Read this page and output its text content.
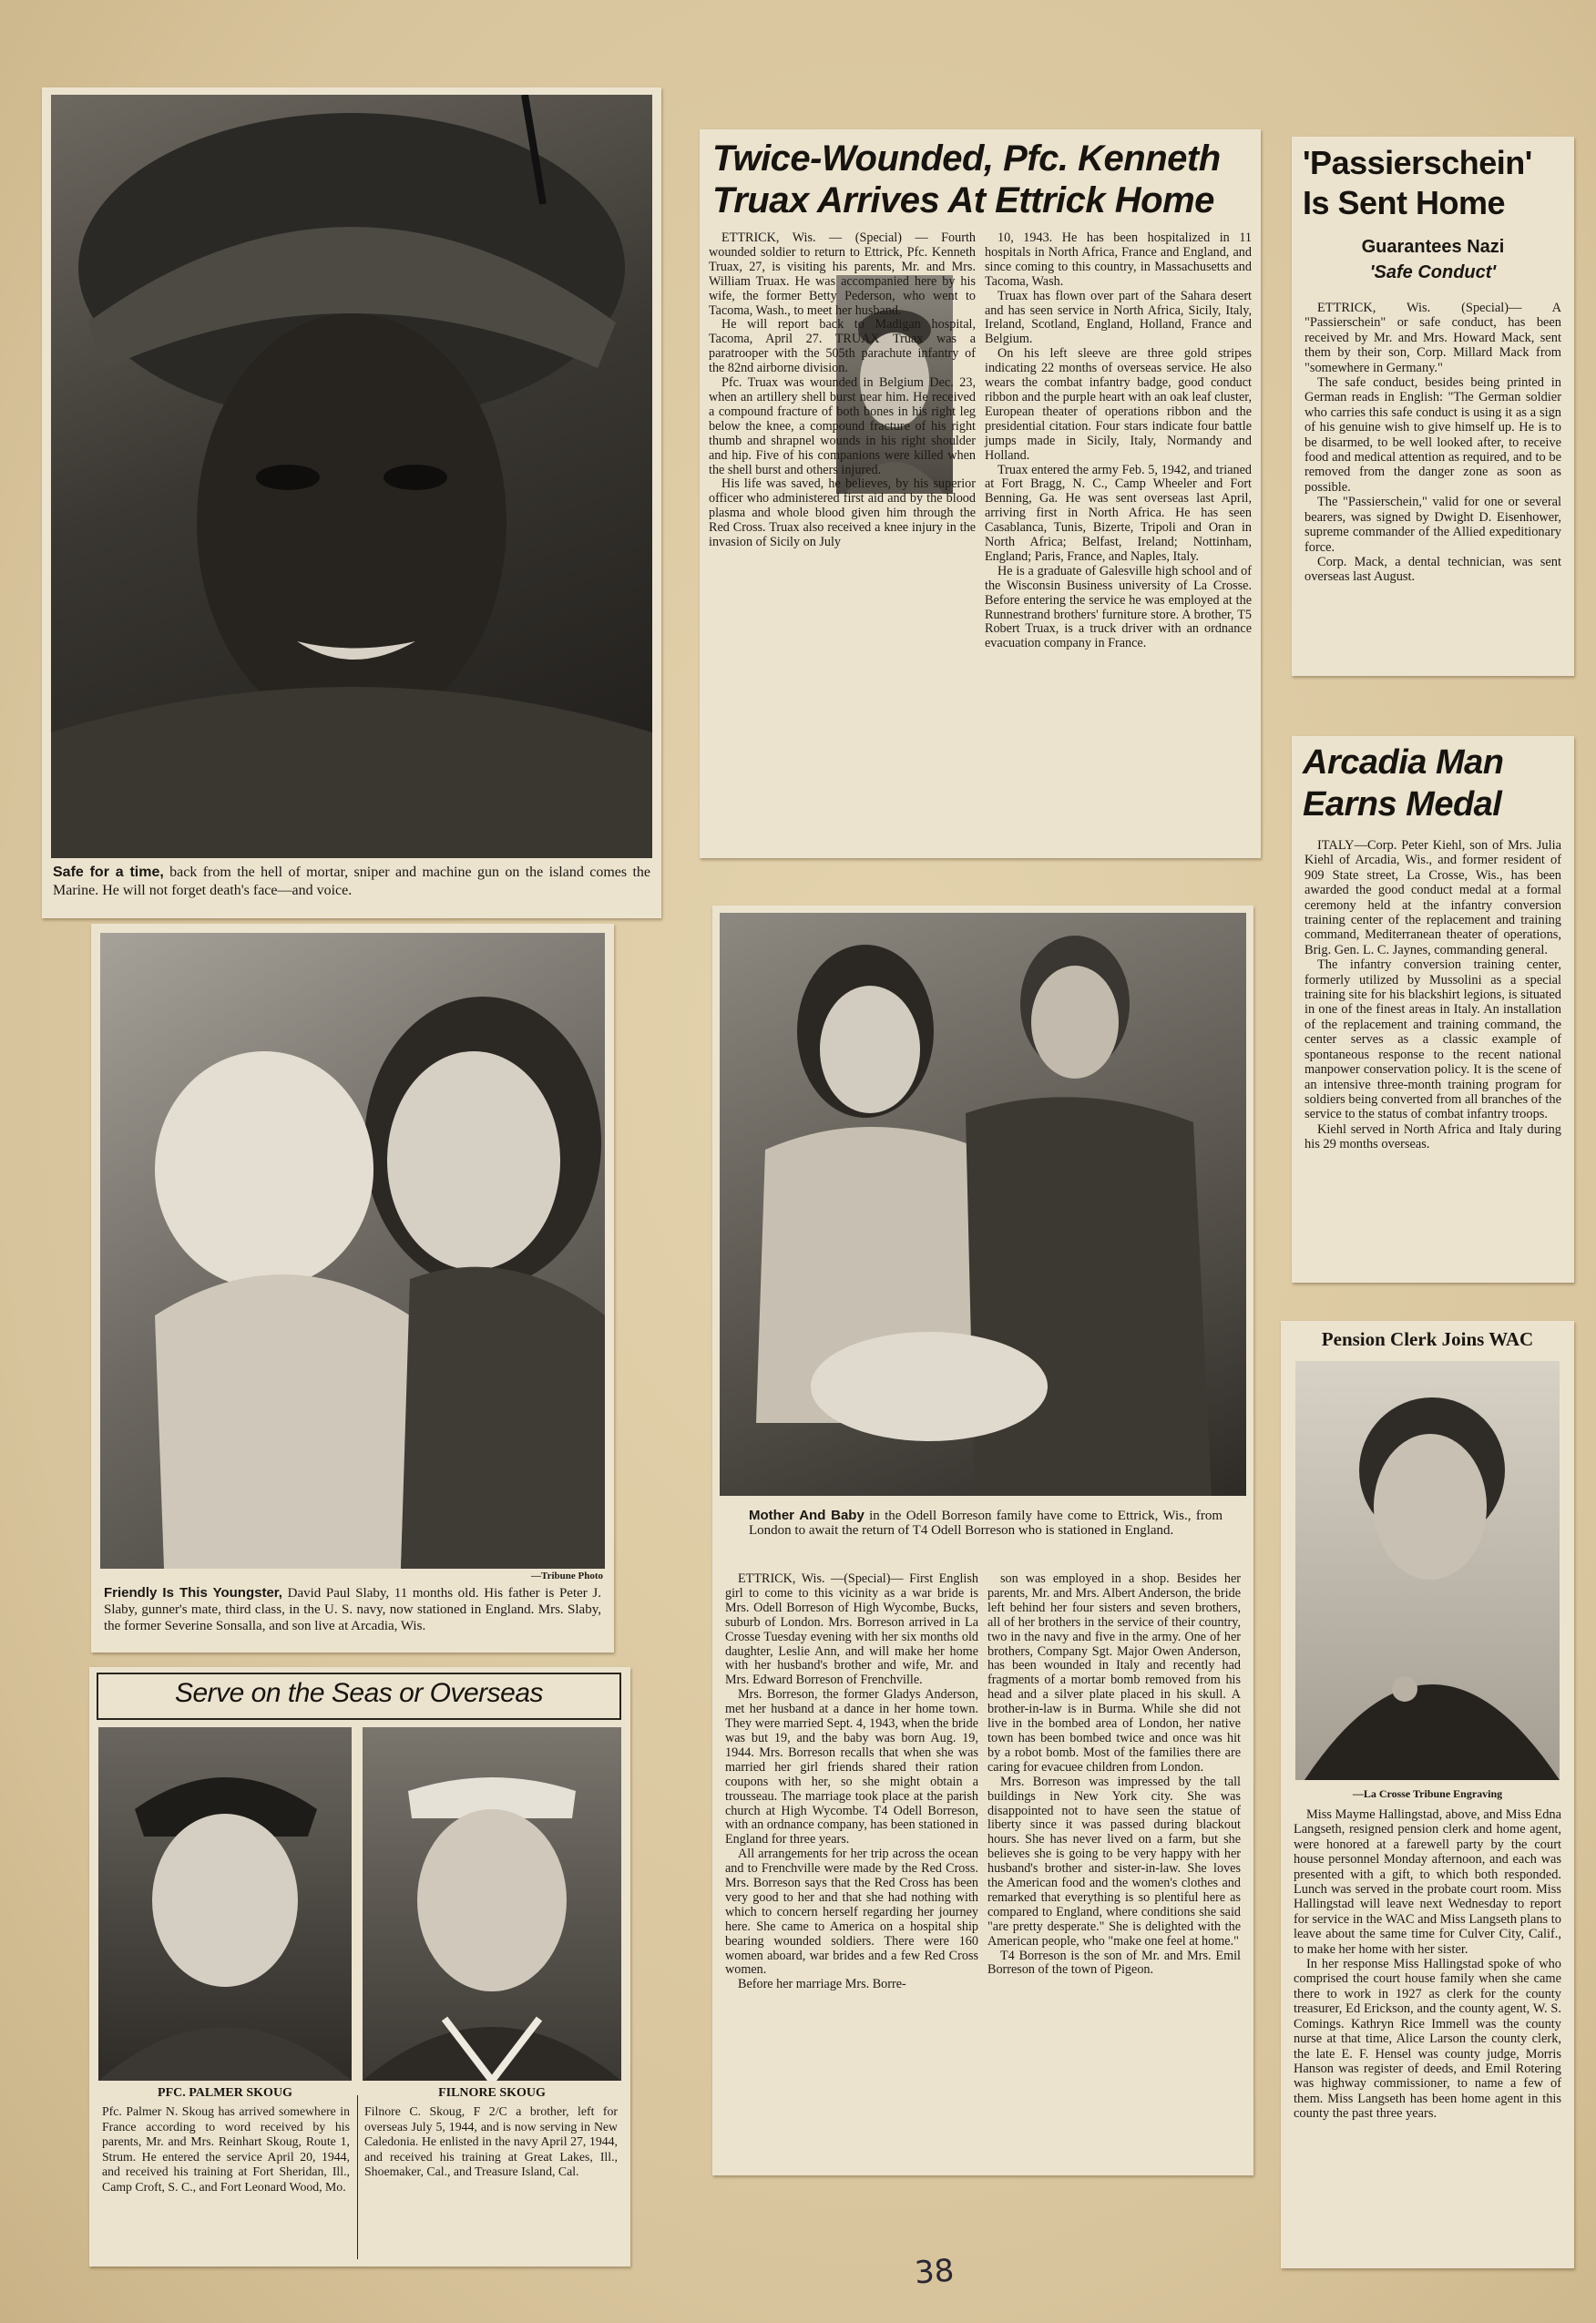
Safe for a time, back from the hell of mortar, sniper and machine gun on the island comes the Marine. He will not forget death's face—and voice.
Twice-Wounded, Pfc. Kenneth
Truax Arrives At Ettrick Home

ETTRICK, Wis. — (Special) — Fourth wounded soldier to return to Ettrick, Pfc. Kenneth Truax, 27, is visiting his parents, Mr. and Mrs. William Truax. He was accompanied here by his wife, the former Betty Pederson, who went to Tacoma, Wash., to meet her husband.

He will report back to Madigan hospital, Tacoma, April 27. TRUAX Truax was a paratrooper with the 505th parachute infantry of the 82nd airborne division.

Pfc. Truax was wounded in Belgium Dec. 23, when an artillery shell burst near him. He received a compound fracture of both bones in his right leg below the knee, a compound fracture of his right thumb and shrapnel wounds in his right shoulder and hip. Five of his companions were killed when the shell burst and others injured.

His life was saved, he believes, by his superior officer who administered first aid and by the blood plasma and whole blood given him through the Red Cross. Truax also received a knee injury in the invasion of Sicily on July

10, 1943. He has been hospitalized in 11 hospitals in North Africa, France and England, and since coming to this country, in Massachusetts and Tacoma, Wash.

Truax has flown over part of the Sahara desert and has seen service in North Africa, Sicily, Italy, Ireland, Scotland, England, Holland, France and Belgium.

On his left sleeve are three gold stripes indicating 22 months of overseas service. He also wears the combat infantry badge, good conduct ribbon and the purple heart with an oak leaf cluster, European theater of operations ribbon and the presidential citation. Four stars indicate four battle jumps made in Sicily, Italy, Normandy and Holland.

Truax entered the army Feb. 5, 1942, and trianed at Fort Bragg, N. C., Camp Wheeler and Fort Benning, Ga. He was sent overseas last April, arriving first in North Africa. He has seen Casablanca, Tunis, Bizerte, Tripoli and Oran in North Africa; Belfast, Ireland; Nottinham, England; Paris, France, and Naples, Italy.

He is a graduate of Galesville high school and of the Wisconsin Business university of La Crosse. Before entering the service he was employed at the Runnestrand brothers' furniture store. A brother, T5 Robert Truax, is a truck driver with an ordnance evacuation company in France.

'Passierschein'
Is Sent Home
Guarantees Nazi
'Safe Conduct'

ETTRICK, Wis. (Special)— A "Passierschein" or safe conduct, has been received by Mr. and Mrs. Howard Mack, sent them by their son, Corp. Millard Mack from "somewhere in Germany."

The safe conduct, besides being printed in German reads in English: "The German soldier who carries this safe conduct is using it as a sign of his genuine wish to give himself up. He is to be disarmed, to be well looked after, to receive food and medical attention as required, and to be removed from the danger zone as soon as possible.

The "Passierschein," valid for one or several bearers, was signed by Dwight D. Eisenhower, supreme commander of the Allied expeditionary force.

Corp. Mack, a dental technician, was sent overseas last August.

Arcadia Man
Earns Medal

ITALY—Corp. Peter Kiehl, son of Mrs. Julia Kiehl of Arcadia, Wis., and former resident of 909 State street, La Crosse, Wis., has been awarded the good conduct medal at a formal ceremony held at the infantry conversion training center of the replacement and training command, Mediterranean theater of operations, Brig. Gen. L. C. Jaynes, commanding general.

The infantry conversion training center, formerly utilized by Mussolini as a special training site for his blackshirt legions, is situated in one of the finest areas in Italy. An installation of the replacement and training command, the center serves as a classic example of spontaneous response to the recent national manpower conservation policy. It is the scene of an intensive three-month training program for soldiers being converted from all branches of the service to the status of combat infantry troops.

Kiehl served in North Africa and Italy during his 29 months overseas.

—Tribune Photo
Friendly Is This Youngster, David Paul Slaby, 11 months old. His father is Peter J. Slaby, gunner's mate, third class, in the U. S. navy, now stationed in England. Mrs. Slaby, the former Severine Sonsalla, and son live at Arcadia, Wis.
Mother And Baby in the Odell Borreson family have come to Ettrick, Wis., from London to await the return of T4 Odell Borreson who is stationed in England.

ETTRICK, Wis. —(Special)— First English girl to come to this vicinity as a war bride is Mrs. Odell Borreson of High Wycombe, Bucks, suburb of London. Mrs. Borreson arrived in La Crosse Tuesday evening with her six months old daughter, Leslie Ann, and will make her home with her husband's brother and wife, Mr. and Mrs. Edward Borreson of Frenchville.

Mrs. Borreson, the former Gladys Anderson, met her husband at a dance in her home town. They were married Sept. 4, 1943, when the bride was but 19, and the baby was born Aug. 19, 1944. Mrs. Borreson recalls that when she was married her girl friends shared their ration coupons with her, so she might obtain a trousseau. The marriage took place at the parish church at High Wycombe. T4 Odell Borreson, with an ordnance company, has been stationed in England for three years.

All arrangements for her trip across the ocean and to Frenchville were made by the Red Cross. Mrs. Borreson says that the Red Cross has been very good to her and that she had nothing with which to concern herself regarding her journey here. She came to America on a hospital ship bearing wounded soldiers. There were 160 women aboard, war brides and a few Red Cross women.

Before her marriage Mrs. Borre-

son was employed in a shop. Besides her parents, Mr. and Mrs. Albert Anderson, the bride left behind her four sisters and seven brothers, all of her brothers in the service of their country, two in the navy and five in the army. One of her brothers, Company Sgt. Major Owen Anderson, has been wounded in Italy and recently had fragments of a mortar bomb removed from his head and a silver plate placed in his skull. A brother-in-law is in Burma. While she did not live in the bombed area of London, her native town has been bombed twice and once was hit by a robot bomb. Most of the families there are caring for evacuee children from London.

Mrs. Borreson was impressed by the tall buildings in New York city. She was disappointed not to have seen the statue of liberty since it was passed during blackout hours. She has never lived on a farm, but she believes she is going to be very happy with her husband's brother and sister-in-law. She loves the American food and the women's clothes and remarked that everything is so plentiful here as compared to England, where conditions she said "are pretty desperate." She is delighted with the American people, who "make one feel at home."

T4 Borreson is the son of Mr. and Mrs. Emil Borreson of the town of Pigeon.

Serve on the Seas or Overseas
PFC. PALMER SKOUG	FILNORE SKOUG
Pfc. Palmer N. Skoug has arrived somewhere in France according to word received by his parents, Mr. and Mrs. Reinhart Skoug, Route 1, Strum. He entered the service April 20, 1944, and received his training at Fort Sheridan, Ill., Camp Croft, S. C., and Fort Leonard Wood, Mo.
Filnore C. Skoug, F 2/C a brother, left for overseas July 5, 1944, and is now serving in New Caledonia. He enlisted in the navy April 27, 1944, and received his training at Great Lakes, Ill., Shoemaker, Cal., and Treasure Island, Cal.
Pension Clerk Joins WAC
—La Crosse Tribune Engraving

Miss Mayme Hallingstad, above, and Miss Edna Langseth, resigned pension clerk and home agent, were honored at a farewell party by the court house personnel Monday afternoon, and each was presented with a gift, to which both responded. Lunch was served in the probate court room. Miss Hallingstad will leave next Wednesday to report for service in the WAC and Miss Langseth plans to leave about the same time for Culver City, Calif., to make her home with her sister.

In her response Miss Hallingstad spoke of who comprised the court house family when she came there to work in 1927 as clerk for the county treasurer, Ed Erickson, and the county agent, W. S. Comings. Kathryn Rice Immell was the county nurse at that time, Alice Larson the county clerk, the late E. F. Hensel was county judge, Morris Hanson was register of deeds, and Emil Rotering was highway commissioner, to name a few of them. Miss Langseth has been home agent in this county the past three years.

38
